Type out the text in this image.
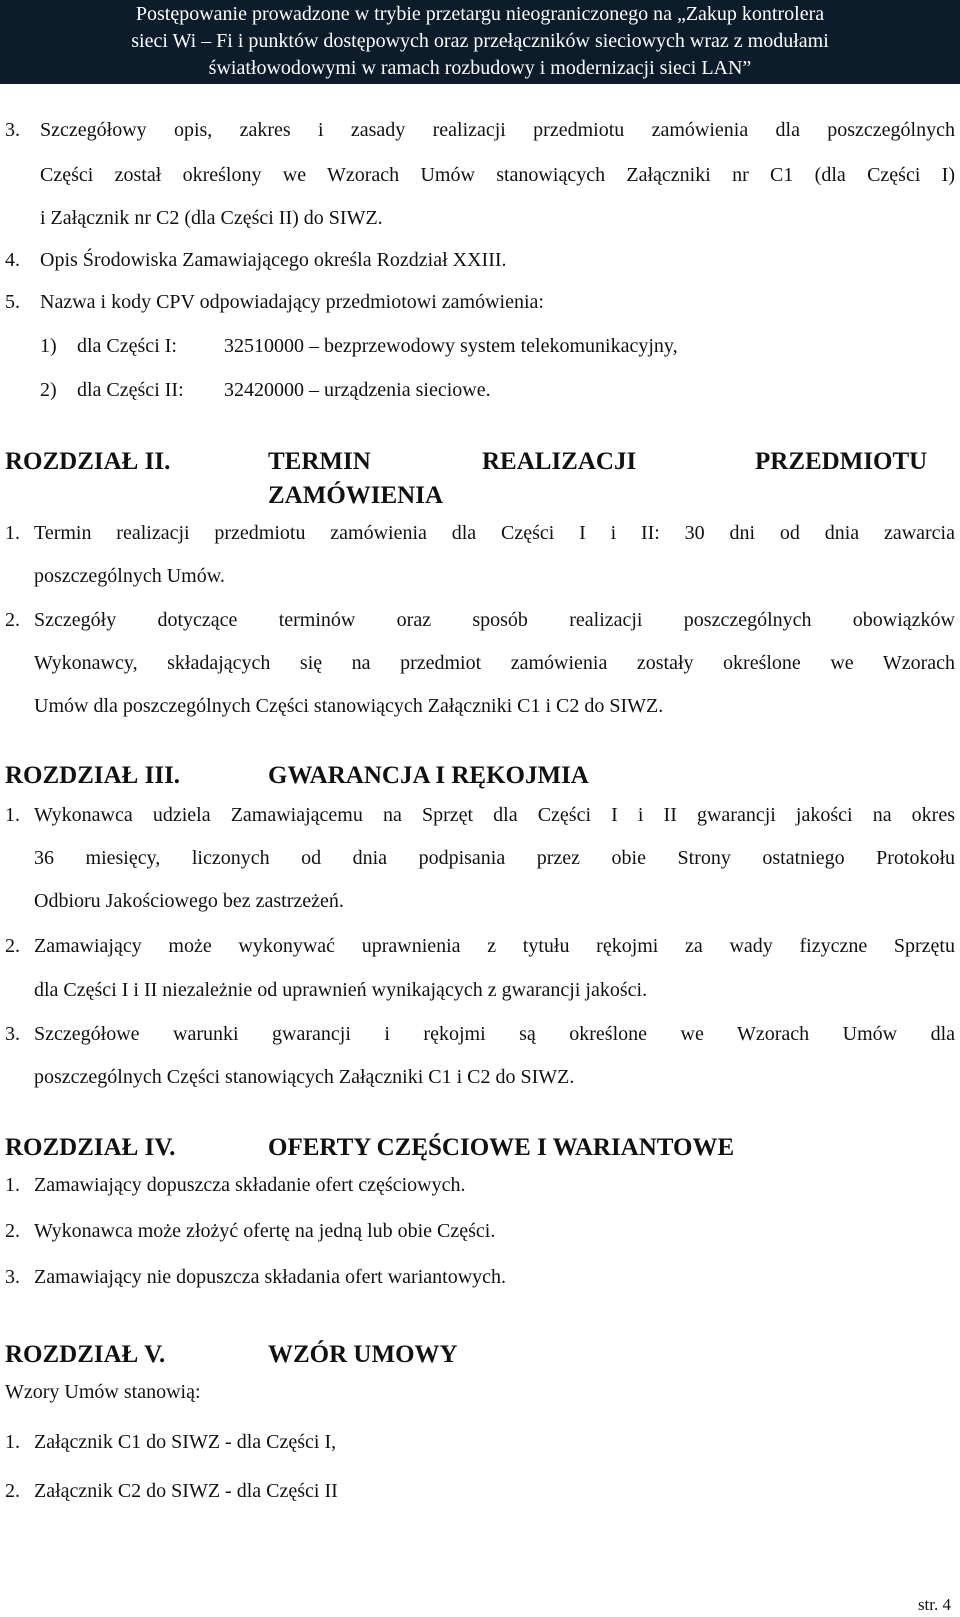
Postępowanie prowadzone w trybie przetargu nieograniczonego na „Zakup kontrolera
sieci Wi – Fi i punktów dostępowych oraz przełączników sieciowych wraz z modułami
światłowodowymi w ramach rozbudowy i modernizacji sieci LAN”
3. Szczegółowy opis, zakres i zasady realizacji przedmiotu zamówienia dla poszczególnych
Części został określony we Wzorach Umów stanowiących Załączniki nr C1 (dla Części I)
i Załącznik nr C2 (dla Części II) do SIWZ.
4. Opis Środowiska Zamawiającego określa Rozdział XXIII.
5. Nazwa i kody CPV odpowiadający przedmiotowi zamówienia:
1) dla Części I: 32510000 – bezprzewodowy system telekomunikacyjny,
2) dla Części II: 32420000 – urządzenia sieciowe.
ROZDZIAŁ II.	TERMIN	REALIZACJI	PRZEDMIOTU
ZAMÓWIENIA
1. Termin realizacji przedmiotu zamówienia dla Części I i II: 30 dni od dnia zawarcia
poszczególnych Umów.
2. Szczegóły dotyczące terminów oraz sposób realizacji poszczególnych obowiązków
Wykonawcy, składających się na przedmiot zamówienia zostały określone we Wzorach
Umów dla poszczególnych Części stanowiących Załączniki C1 i C2 do SIWZ.
ROZDZIAŁ III.	GWARANCJA I RĘKOJMIA
1. Wykonawca udziela Zamawiającemu na Sprzęt dla Części I i II gwarancji jakości na okres
36 miesięcy, liczonych od dnia podpisania przez obie Strony ostatniego Protokołu
Odbioru Jakościowego bez zastrzeżeń.
2. Zamawiający może wykonywać uprawnienia z tytułu rękojmi za wady fizyczne Sprzętu
dla Części I i II niezależnie od uprawnień wynikających z gwarancji jakości.
3. Szczegółowe warunki gwarancji i rękojmi są określone we Wzorach Umów dla
poszczególnych Części stanowiących Załączniki C1 i C2 do SIWZ.
ROZDZIAŁ IV.	OFERTY CZĘŚCIOWE I WARIANTOWE
1. Zamawiający dopuszcza składanie ofert częściowych.
2. Wykonawca może złożyć ofertę na jedną lub obie Części.
3. Zamawiający nie dopuszcza składania ofert wariantowych.
ROZDZIAŁ V.	WZÓR UMOWY
Wzory Umów stanowią:
1. Załącznik C1 do SIWZ - dla Części I,
2. Załącznik C2 do SIWZ - dla Części II
str. 4
